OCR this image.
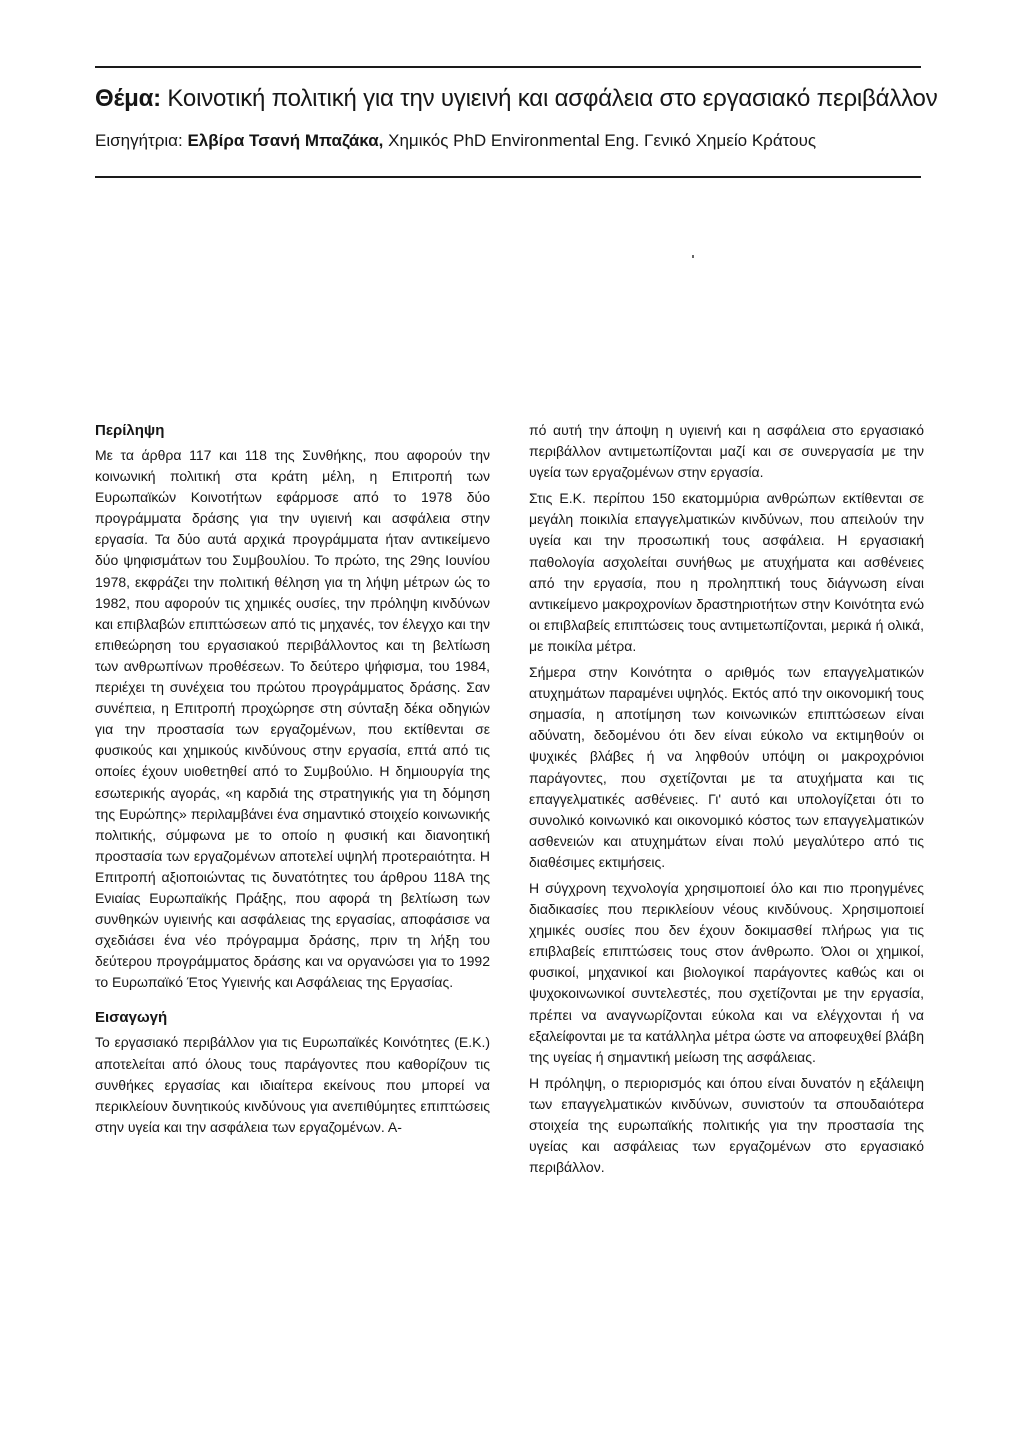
Θέμα: Κοινοτική πολιτική για την υγιεινή και ασφάλεια στο εργασιακό περιβάλλον
Εισηγήτρια: Ελβίρα Τσανή Μπαζάκα, Χημικός PhD Environmental Eng. Γενικό Χημείο Κράτους
Περίληψη

Με τα άρθρα 117 και 118 της Συνθήκης, που αφορούν την κοινωνική πολιτική στα κράτη μέλη, η Επιτροπή των Ευρωπαϊκών Κοινοτήτων εφάρμοσε από το 1978 δύο προγράμματα δράσης για την υγιεινή και ασφάλεια στην εργασία. Τα δύο αυτά αρχικά προγράμματα ήταν αντικείμενο δύο ψηφισμάτων του Συμβουλίου. Το πρώτο, της 29ης Ιουνίου 1978, εκφράζει την πολιτική θέληση για τη λήψη μέτρων ώς το 1982, που αφορούν τις χημικές ουσίες, την πρόληψη κινδύνων και επιβλαβών επιπτώσεων από τις μηχανές, τον έλεγχο και την επιθεώρηση του εργασιακού περιβάλλοντος και τη βελτίωση των ανθρωπίνων προθέσεων. Το δεύτερο ψήφισμα, του 1984, περιέχει τη συνέχεια του πρώτου προγράμματος δράσης. Σαν συνέπεια, η Επιτροπή προχώρησε στη σύνταξη δέκα οδηγιών για την προστασία των εργαζομένων, που εκτίθενται σε φυσικούς και χημικούς κινδύνους στην εργασία, επτά από τις οποίες έχουν υιοθετηθεί από το Συμβούλιο. Η δημιουργία της εσωτερικής αγοράς, «η καρδιά της στρατηγικής για τη δόμηση της Ευρώπης» περιλαμβάνει ένα σημαντικό στοιχείο κοινωνικής πολιτικής, σύμφωνα με το οποίο η φυσική και διανοητική προστασία των εργαζομένων αποτελεί υψηλή προτεραιότητα. Η Επιτροπή αξιοποιώντας τις δυνατότητες του άρθρου 118Α της Ενιαίας Ευρωπαϊκής Πράξης, που αφορά τη βελτίωση των συνθηκών υγιεινής και ασφάλειας της εργασίας, αποφάσισε να σχεδιάσει ένα νέο πρόγραμμα δράσης, πριν τη λήξη του δεύτερου προγράμματος δράσης και να οργανώσει για το 1992 το Ευρωπαϊκό Έτος Υγιεινής και Ασφάλειας της Εργασίας.

Εισαγωγή

Το εργασιακό περιβάλλον για τις Ευρωπαϊκές Κοινότητες (Ε.Κ.) αποτελείται από όλους τους παράγοντες που καθορίζουν τις συνθήκες εργασίας και ιδιαίτερα εκείνους που μπορεί να περικλείουν δυνητικούς κινδύνους για ανεπιθύμητες επιπτώσεις στην υγεία και την ασφάλεια των εργαζομένων. Α-

πό αυτή την άποψη η υγιεινή και η ασφάλεια στο εργασιακό περιβάλλον αντιμετωπίζονται μαζί και σε συνεργασία με την υγεία των εργαζομένων στην εργασία.

Στις Ε.Κ. περίπου 150 εκατομμύρια ανθρώπων εκτίθενται σε μεγάλη ποικιλία επαγγελματικών κινδύνων, που απειλούν την υγεία και την προσωπική τους ασφάλεια. Η εργασιακή παθολογία ασχολείται συνήθως με ατυχήματα και ασθένειες από την εργασία, που η προληπτική τους διάγνωση είναι αντικείμενο μακροχρονίων δραστηριοτήτων στην Κοινότητα ενώ οι επιβλαβείς επιπτώσεις τους αντιμετωπίζονται, μερικά ή ολικά, με ποικίλα μέτρα.

Σήμερα στην Κοινότητα ο αριθμός των επαγγελματικών ατυχημάτων παραμένει υψηλός. Εκτός από την οικονομική τους σημασία, η αποτίμηση των κοινωνικών επιπτώσεων είναι αδύνατη, δεδομένου ότι δεν είναι εύκολο να εκτιμηθούν οι ψυχικές βλάβες ή να ληφθούν υπόψη οι μακροχρόνιοι παράγοντες, που σχετίζονται με τα ατυχήματα και τις επαγγελματικές ασθένειες. Γι' αυτό και υπολογίζεται ότι το συνολικό κοινωνικό και οικονομικό κόστος των επαγγελματικών ασθενειών και ατυχημάτων είναι πολύ μεγαλύτερο από τις διαθέσιμες εκτιμήσεις.

Η σύγχρονη τεχνολογία χρησιμοποιεί όλο και πιο προηγμένες διαδικασίες που περικλείουν νέους κινδύνους. Χρησιμοποιεί χημικές ουσίες που δεν έχουν δοκιμασθεί πλήρως για τις επιβλαβείς επιπτώσεις τους στον άνθρωπο. Όλοι οι χημικοί, φυσικοί, μηχανικοί και βιολογικοί παράγοντες καθώς και οι ψυχοκοινωνικοί συντελεστές, που σχετίζονται με την εργασία, πρέπει να αναγνωρίζονται εύκολα και να ελέγχονται ή να εξαλείφονται με τα κατάλληλα μέτρα ώστε να αποφευχθεί βλάβη της υγείας ή σημαντική μείωση της ασφάλειας.

Η πρόληψη, ο περιορισμός και όπου είναι δυνατόν η εξάλειψη των επαγγελματικών κινδύνων, συνιστούν τα σπουδαιότερα στοιχεία της ευρωπαϊκής πολιτικής για την προστασία της υγείας και ασφάλειας των εργαζομένων στο εργασιακό περιβάλλον.
